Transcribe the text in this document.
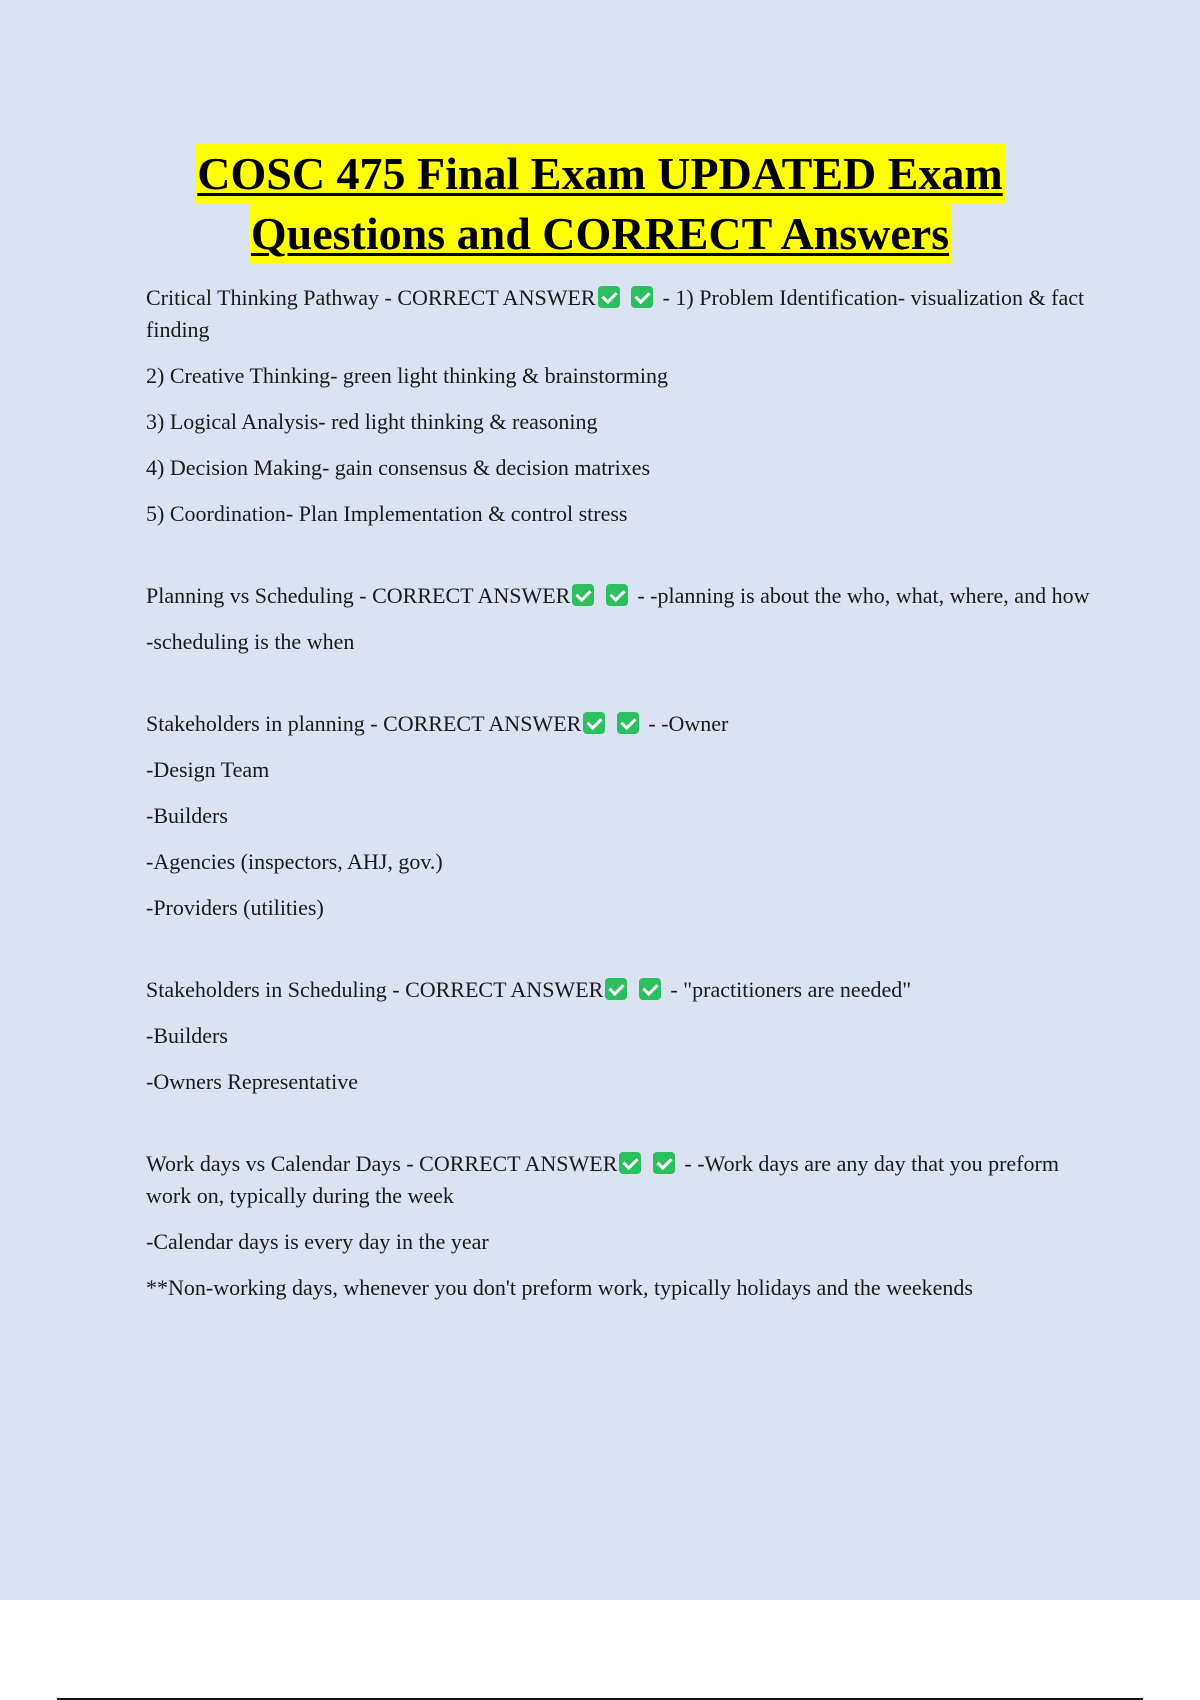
COSC 475 Final Exam UPDATED Exam
Questions and CORRECT Answers

Critical Thinking Pathway - CORRECT ANSWER	- 1) Problem Identification- visualization & fact finding

2) Creative Thinking- green light thinking & brainstorming

3) Logical Analysis- red light thinking & reasoning

4) Decision Making- gain consensus & decision matrixes

5) Coordination- Plan Implementation & control stress

Planning vs Scheduling - CORRECT ANSWER	- -planning is about the who, what, where, and how

-scheduling is the when

Stakeholders in planning - CORRECT ANSWER	- -Owner

-Design Team

-Builders

-Agencies (inspectors, AHJ, gov.)

-Providers (utilities)

Stakeholders in Scheduling - CORRECT ANSWER	- "practitioners are needed"

-Builders

-Owners Representative

Work days vs Calendar Days - CORRECT ANSWER	- -Work days are any day that you preform work on, typically during the week

-Calendar days is every day in the year

**Non-working days, whenever you don't preform work, typically holidays and the weekends
